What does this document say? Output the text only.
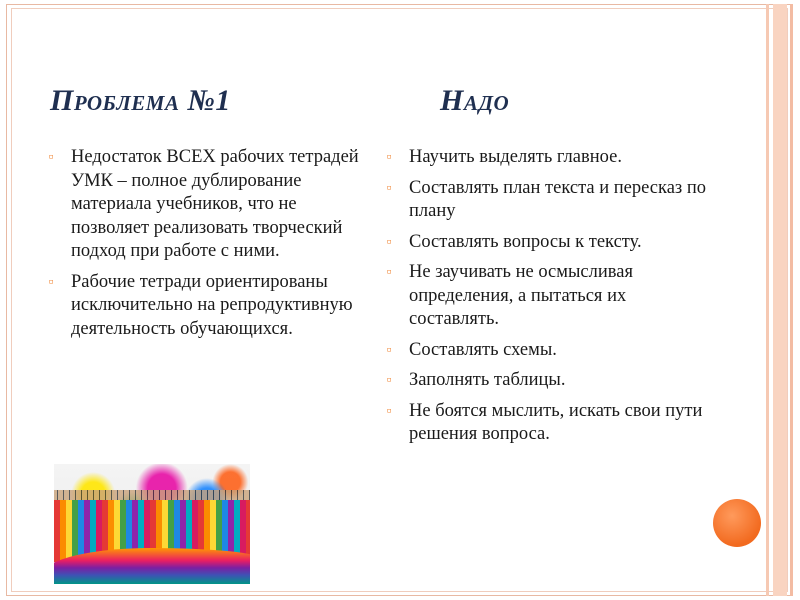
Проблема №1	Надо
▫ Недостаток ВСЕХ рабочих тетрадей УМК – полное дублирование материала учебников, что не позволяет реализовать творческий подход при работе с ними.
▫ Рабочие тетради ориентированы исключительно на репродуктивную деятельность обучающихся.
▫ Научить выделять главное.
▫ Составлять план текста и пересказ по плану
▫ Составлять вопросы к тексту.
▫ Не заучивать не осмысливая определения, а пытаться их составлять.
▫ Составлять схемы.
▫ Заполнять таблицы.
▫ Не боятся мыслить, искать свои пути решения вопроса.
